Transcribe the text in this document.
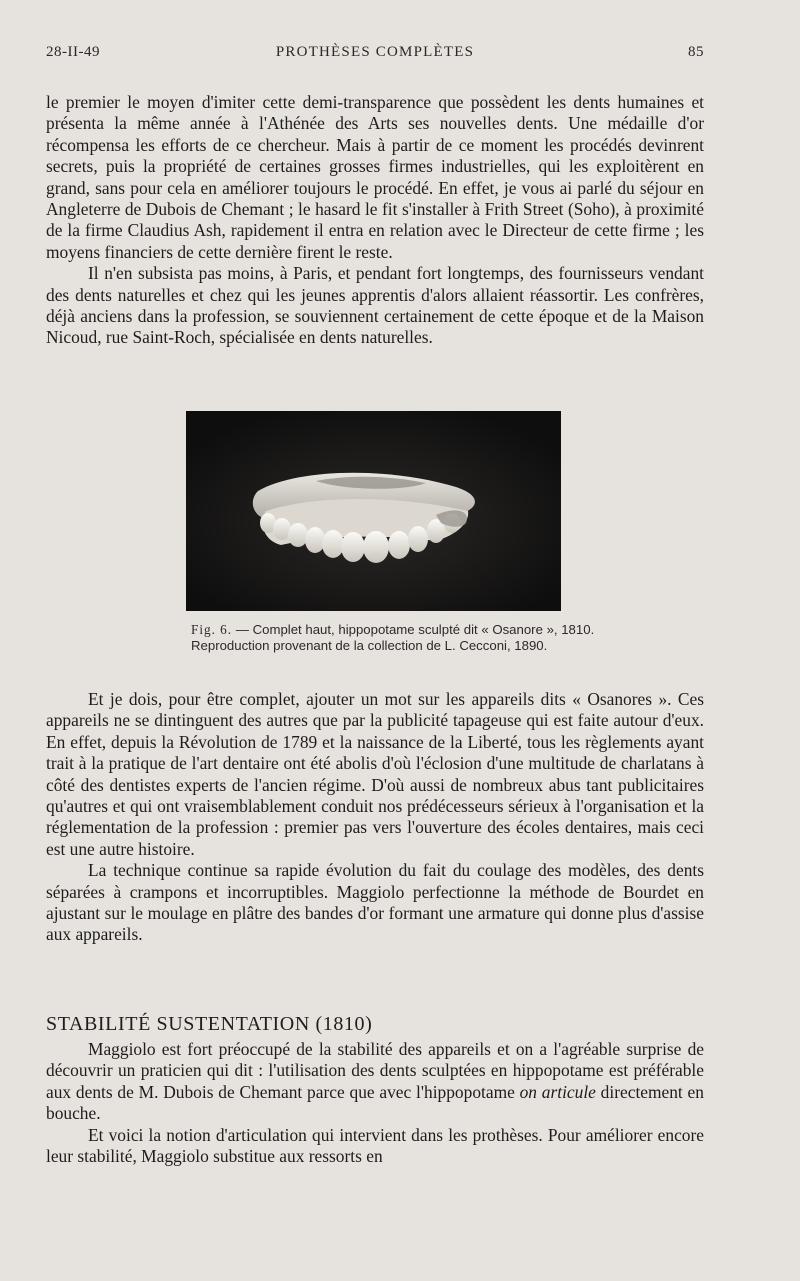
28-II-49	PROTHÈSES COMPLÈTES	85

le premier le moyen d'imiter cette demi-transparence que possèdent les dents humaines et présenta la même année à l'Athénée des Arts ses nouvelles dents. Une médaille d'or récompensa les efforts de ce chercheur. Mais à partir de ce moment les procédés devinrent secrets, puis la propriété de certaines grosses firmes industrielles, qui les exploitèrent en grand, sans pour cela en améliorer toujours le procédé. En effet, je vous ai parlé du séjour en Angleterre de Dubois de Chemant ; le hasard le fit s'installer à Frith Street (Soho), à proximité de la firme Claudius Ash, rapidement il entra en relation avec le Directeur de cette firme ; les moyens financiers de cette dernière firent le reste.

Il n'en subsista pas moins, à Paris, et pendant fort longtemps, des fournisseurs vendant des dents naturelles et chez qui les jeunes apprentis d'alors allaient réassortir. Les confrères, déjà anciens dans la profession, se souviennent certainement de cette époque et de la Maison Nicoud, rue Saint-Roch, spécialisée en dents naturelles.

Fig. 6. — Complet haut, hippopotame sculpté dit « Osanore », 1810. Reproduction provenant de la collection de L. Cecconi, 1890.

Et je dois, pour être complet, ajouter un mot sur les appareils dits « Osanores ». Ces appareils ne se dintinguent des autres que par la publicité tapageuse qui est faite autour d'eux. En effet, depuis la Révolution de 1789 et la naissance de la Liberté, tous les règlements ayant trait à la pratique de l'art dentaire ont été abolis d'où l'éclosion d'une multitude de charlatans à côté des dentistes experts de l'ancien régime. D'où aussi de nombreux abus tant publicitaires qu'autres et qui ont vraisemblablement conduit nos prédécesseurs sérieux à l'organisation et la réglementation de la profession : premier pas vers l'ouverture des écoles dentaires, mais ceci est une autre histoire.

La technique continue sa rapide évolution du fait du coulage des modèles, des dents séparées à crampons et incorruptibles. Maggiolo perfectionne la méthode de Bourdet en ajustant sur le moulage en plâtre des bandes d'or formant une armature qui donne plus d'assise aux appareils.

STABILITÉ SUSTENTATION (1810)

Maggiolo est fort préoccupé de la stabilité des appareils et on a l'agréable surprise de découvrir un praticien qui dit : l'utilisation des dents sculptées en hippopotame est préférable aux dents de M. Dubois de Chemant parce que avec l'hippopotame on articule directement en bouche.

Et voici la notion d'articulation qui intervient dans les prothèses. Pour améliorer encore leur stabilité, Maggiolo substitue aux ressorts en
